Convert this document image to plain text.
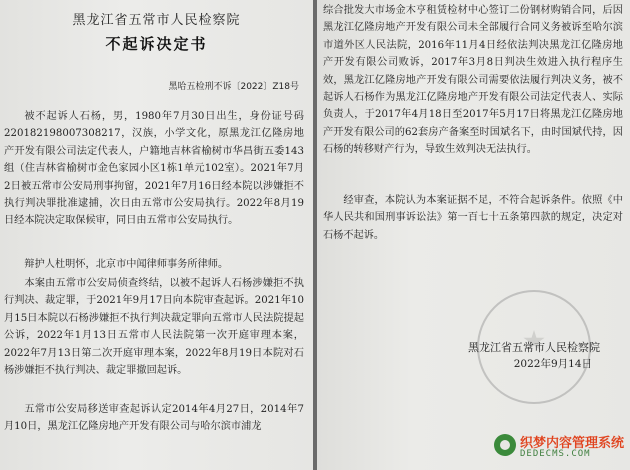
黑龙江省五常市人民检察院
不起诉决定书
黑哈五检刑不诉〔2022〕Z18号
被不起诉人石杨，男，1980年7月30日出生，身份证号码220182198007308217，汉族，小学文化，原黑龙江亿隆房地产开发有限公司法定代表人，户籍地吉林省榆树市华昌街五委143组（住吉林省榆树市金色家园小区1栋1单元102室）。2021年7月2日被五常市公安局刑事拘留，2021年7月16日经本院以涉嫌拒不执行判决罪批准逮捕，次日由五常市公安局执行。2022年8月19日经本院决定取保候审，同日由五常市公安局执行。
辩护人杜明怀，北京市中闻律师事务所律师。
本案由五常市公安局侦查终结，以被不起诉人石杨涉嫌拒不执行判决、裁定罪，于2021年9月17日向本院审查起诉。2021年10月15日本院以石杨涉嫌拒不执行判决裁定罪向五常市人民法院提起公诉，2022年1月13日五常市人民法院第一次开庭审理本案，2022年7月13日第二次开庭审理本案，2022年8月19日本院对石杨涉嫌拒不执行判决、裁定罪撤回起诉。
五常市公安局移送审查起诉认定2014年4月27日，2014年7月10日，黑龙江亿隆房地产开发有限公司与哈尔滨市浦龙
综合批发大市场金木亨租赁检材中心签订二份钢材购销合同，后因黑龙江亿隆房地产开发有限公司未全部履行合同义务被诉至哈尔滨市道外区人民法院，2016年11月4日经依法判决黑龙江亿隆房地产开发有限公司败诉，2017年3月8日判决生效进入执行程序生效，黑龙江亿隆房地产开发有限公司需要依法履行判决义务，被不起诉人石杨作为黑龙江亿隆房地产开发有限公司法定代表人、实际负责人，于2017年4月18日至2017年5月17日将黑龙江亿隆房地产开发有限公司的62套房产备案至时国斌名下，由时国斌代持，因石杨的转移财产行为，导致生效判决无法执行。
经审查，本院认为本案证据不足，不符合起诉条件。依照《中华人民共和国刑事诉讼法》第一百七十五条第四款的规定，决定对石杨不起诉。
黑龙江省五常市人民检察院
2022年9月14日
织梦内容管理系统
DEDECMS.COM
